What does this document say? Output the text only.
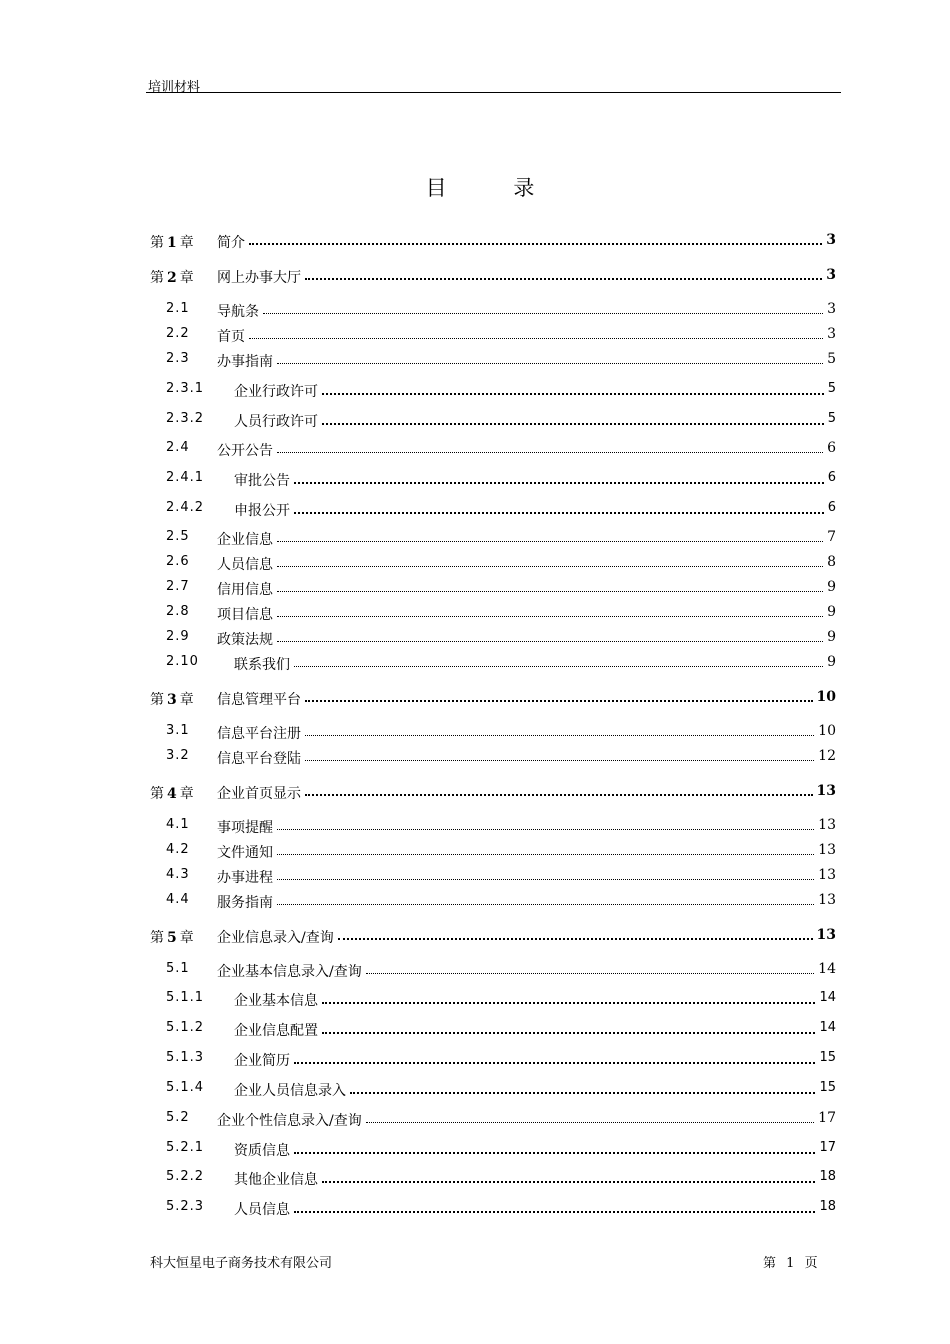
培训材料
目 录
第 1 章 简介	3
第 2 章 网上办事大厅	3
2.1 导航条	3
2.2 首页	3
2.3 办事指南	5
2.3.1 企业行政许可	5
2.3.2 人员行政许可	5
2.4 公开公告	6
2.4.1 审批公告	6
2.4.2 申报公开	6
2.5 企业信息	7
2.6 人员信息	8
2.7 信用信息	9
2.8 项目信息	9
2.9 政策法规	9
2.10	联系我们	9
第 3 章 信息管理平台	10
3.1 信息平台注册	10
3.2 信息平台登陆	12
第 4 章 企业首页显示	13
4.1 事项提醒	13
4.2 文件通知	13
4.3 办事进程	13
4.4 服务指南	13
第 5 章 企业信息录入/查询	13
5.1 企业基本信息录入/查询	14
5.1.1 企业基本信息	14
5.1.2 企业信息配置	14
5.1.3 企业简历	15
5.1.4 企业人员信息录入	15
5.2 企业个性信息录入/查询	17
5.2.1 资质信息	17
5.2.2 其他企业信息	18
5.2.3 人员信息	18
科大恒星电子商务技术有限公司	第 1 页
